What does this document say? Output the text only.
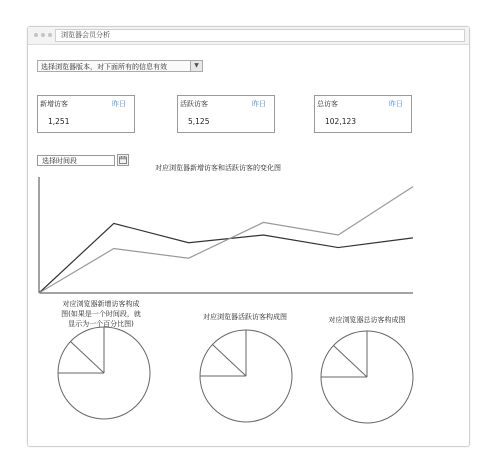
浏览器会员分析
选择浏览器版本，对下面所有的信息有效	▼
新增访客	昨日
1,251
活跃访客	昨日
5,125
总访客	昨日
102,123
选择时间段
对应浏览器新增访客和活跃访客的变化图
对应浏览器新增访客构成图(如果是一个时间段，就显示为一个百分比图)
对应浏览器活跃访客构成图	对应浏览器总访客构成图
